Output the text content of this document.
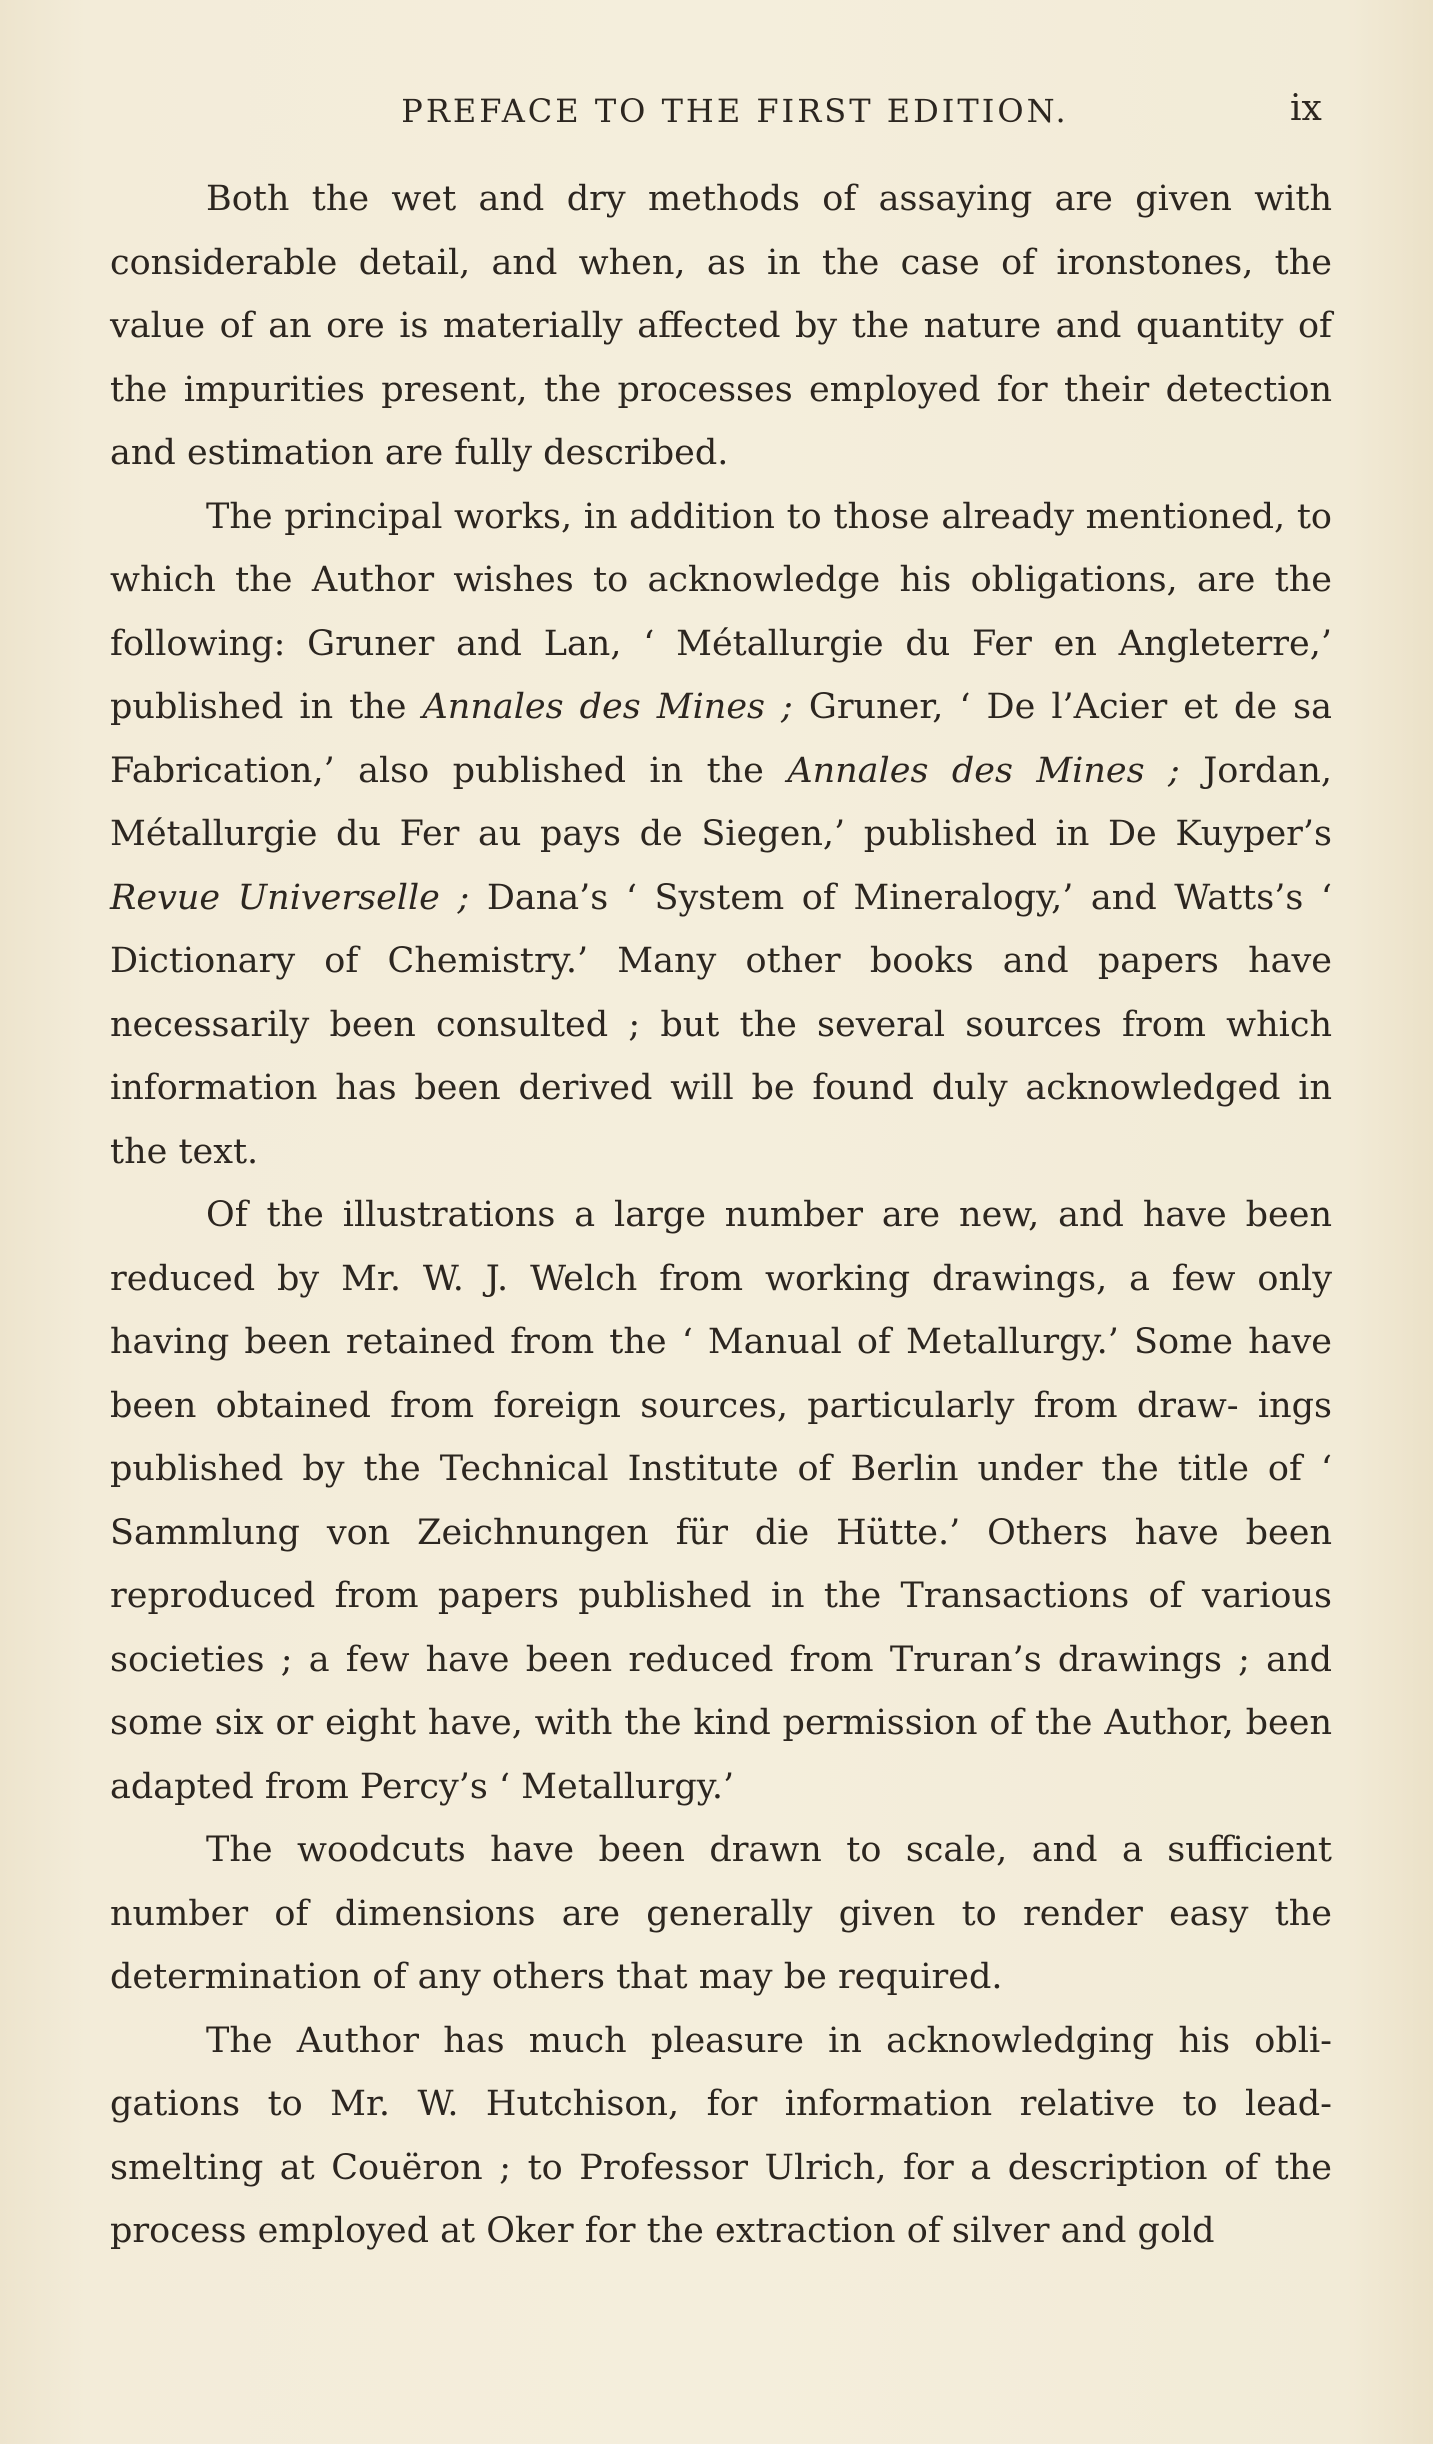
PREFACE TO THE FIRST EDITION.	ix

Both the wet and dry methods of assaying are given with considerable detail, and when, as in the case of ironstones, the value of an ore is materially affected by the nature and quantity of the impurities present, the processes employed for their detection and estimation are fully described.

The principal works, in addition to those already mentioned, to which the Author wishes to acknowledge his obligations, are the following: Gruner and Lan, ‘ Métallurgie du Fer en Angleterre,’ published in the Annales des Mines ; Gruner, ‘ De l’Acier et de sa Fabrication,’ also published in the Annales des Mines ; Jordan, Métallurgie du Fer au pays de Siegen,’ published in De Kuyper’s Revue Universelle ; Dana’s ‘ System of Mineralogy,’ and Watts’s ‘ Dictionary of Chemistry.’ Many other books and papers have necessarily been consulted ; but the several sources from which information has been derived will be found duly acknowledged in the text.

Of the illustrations a large number are new, and have been reduced by Mr. W. J. Welch from working drawings, a few only having been retained from the ‘ Manual of Metallurgy.’ Some have been obtained from foreign sources, particularly from draw- ings published by the Technical Institute of Berlin under the title of ‘ Sammlung von Zeichnungen für die Hütte.’ Others have been reproduced from papers published in the Transactions of various societies ; a few have been reduced from Truran’s drawings ; and some six or eight have, with the kind permission of the Author, been adapted from Percy’s ‘ Metallurgy.’

The woodcuts have been drawn to scale, and a sufficient number of dimensions are generally given to render easy the determination of any others that may be required.

The Author has much pleasure in acknowledging his obli- gations to Mr. W. Hutchison, for information relative to lead- smelting at Couëron ; to Professor Ulrich, for a description of the process employed at Oker for the extraction of silver and gold
